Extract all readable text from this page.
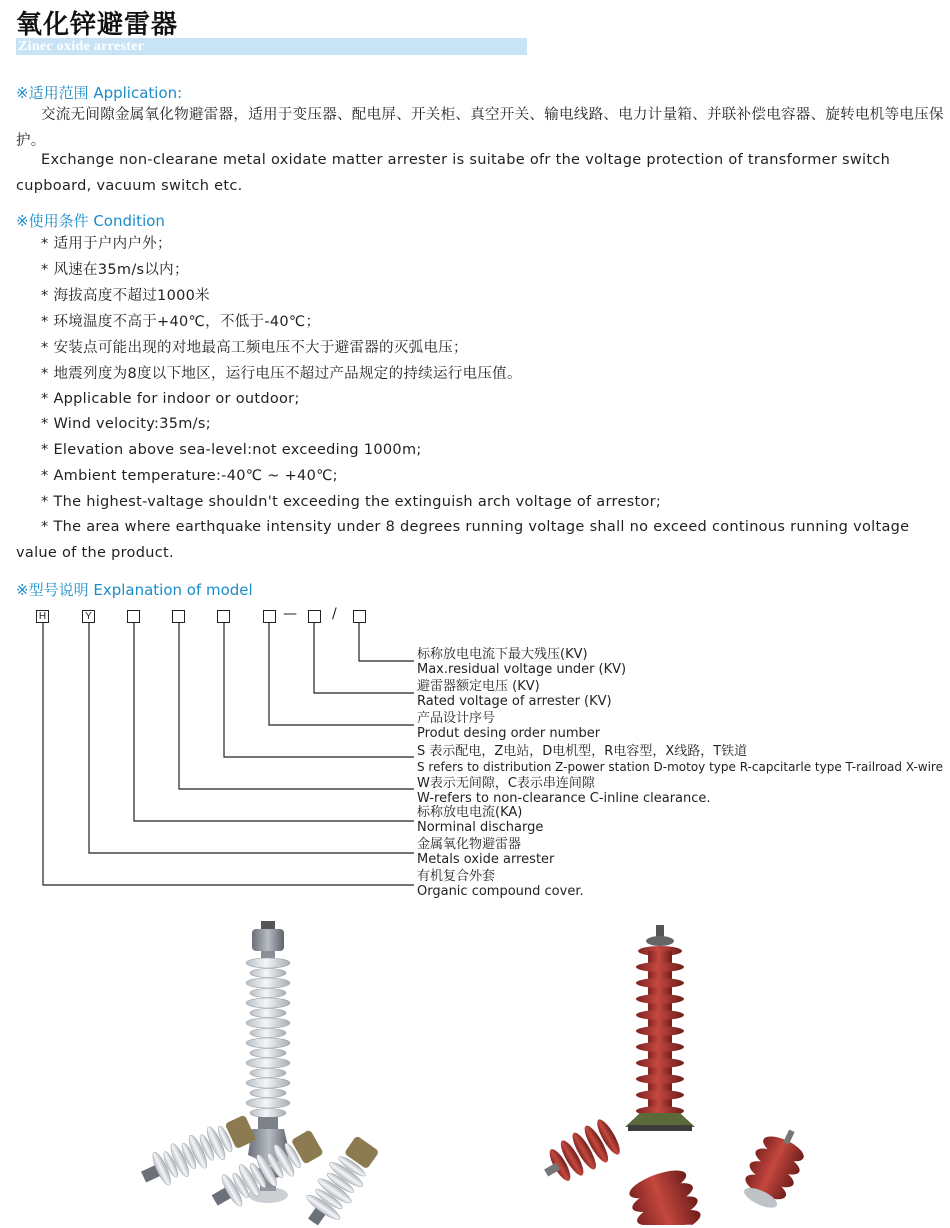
氧化锌避雷器
Zinec oxide arrester
※适用范围 Application:
交流无间隙金属氧化物避雷器，适用于变压器、配电屏、开关柜、真空开关、输电线路、电力计量箱、并联补偿电容器、旋转电机等电压保护。
Exchange non-clearane metal oxidate matter arrester is suitabe ofr the voltage protection of transformer switch cupboard, vacuum switch etc.
※使用条件 Condition
* 适用于户内户外；
* 风速在35m/s以内；
* 海拔高度不超过1000米
* 环境温度不高于+40℃，不低于-40℃；
* 安装点可能出现的对地最高工频电压不大于避雷器的灭弧电压；
* 地震列度为8度以下地区，运行电压不超过产品规定的持续运行电压值。
* Applicable for indoor or outdoor;
* Wind velocity:35m/s;
* Elevation above sea-level:not exceeding 1000m;
* Ambient temperature:-40℃ ~ +40℃;
* The highest-valtage shouldn't exceeding the extinguish arch voltage of arrestor;
* The area where earthquake intensity under 8 degrees running voltage shall no exceed continous running voltage value of the product.
※型号说明 Explanation of model
H	Y	—	/
标称放电电流下最大残压(KV)
Max.residual voltage under (KV)
避雷器额定电压 (KV)
Rated voltage of arrester (KV)
产品设计序号
Produt desing order number
S 表示配电，Z电站，D电机型，R电容型，X线路，T铁道
S refers to distribution Z-power station D-motoy type R-capcitarle type T-railroad X-wire
W表示无间隙，C表示串连间隙
W-refers to non-clearance C-inline clearance.
标称放电电流(KA)
Norminal discharge
金属氧化物避雷器
Metals oxide arrester
有机复合外套
Organic compound cover.
